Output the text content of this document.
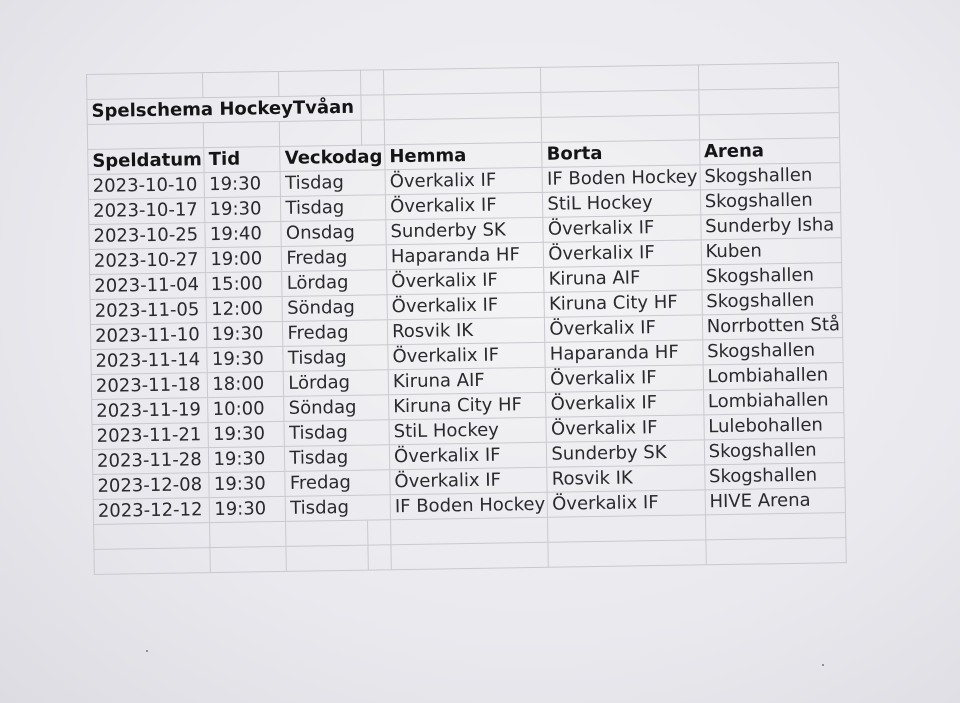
Spelschema HockeyTvåan						

Speldatum	Tid	Veckodag		Hemma	Borta	Arena
2023-10-10	19:30	Tisdag		Överkalix IF	IF Boden Hockey	Skogshallen
2023-10-17	19:30	Tisdag		Överkalix IF	StiL Hockey	Skogshallen
2023-10-25	19:40	Onsdag		Sunderby SK	Överkalix IF	Sunderby Isha
2023-10-27	19:00	Fredag		Haparanda HF	Överkalix IF	Kuben
2023-11-04	15:00	Lördag		Överkalix IF	Kiruna AIF	Skogshallen
2023-11-05	12:00	Söndag		Överkalix IF	Kiruna City HF	Skogshallen
2023-11-10	19:30	Fredag		Rosvik IK	Överkalix IF	Norrbotten Stå
2023-11-14	19:30	Tisdag		Överkalix IF	Haparanda HF	Skogshallen
2023-11-18	18:00	Lördag		Kiruna AIF	Överkalix IF	Lombiahallen
2023-11-19	10:00	Söndag		Kiruna City HF	Överkalix IF	Lombiahallen
2023-11-21	19:30	Tisdag		StiL Hockey	Överkalix IF	Lulebohallen
2023-11-28	19:30	Tisdag		Överkalix IF	Sunderby SK	Skogshallen
2023-12-08	19:30	Fredag		Överkalix IF	Rosvik IK	Skogshallen
2023-12-12	19:30	Tisdag		IF Boden Hockey	Överkalix IF	HIVE Arena
